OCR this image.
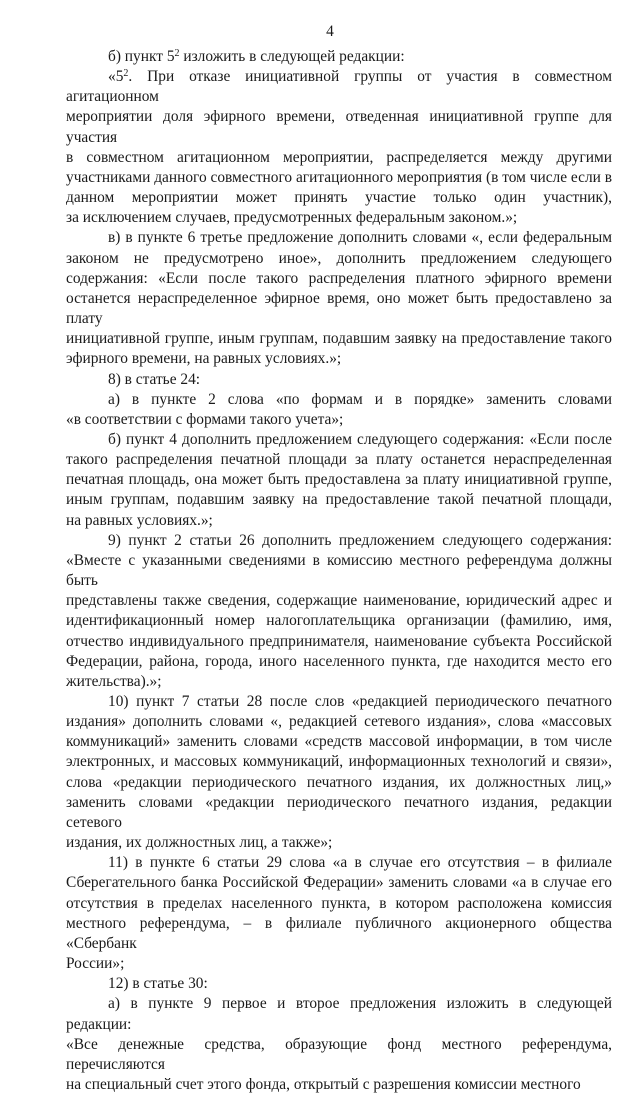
4
б) пункт $5^2$ изложить в следующей редакции:
«$5^2$. При отказе инициативной группы от участия в совместном агитационном
мероприятии доля эфирного времени, отведенная инициативной группе для участия
в совместном агитационном мероприятии, распределяется между другими
участниками данного совместного агитационного мероприятия (в том числе если в
данном мероприятии может принять участие только один участник),
за исключением случаев, предусмотренных федеральным законом.»;
в) в пункте 6 третье предложение дополнить словами «, если федеральным
законом не предусмотрено иное», дополнить предложением следующего
содержания: «Если после такого распределения платного эфирного времени
останется нераспределенное эфирное время, оно может быть предоставлено за плату
инициативной группе, иным группам, подавшим заявку на предоставление такого
эфирного времени, на равных условиях.»;
8) в статье 24:
а) в пункте 2 слова «по формам и в порядке» заменить словами
«в соответствии с формами такого учета»;
б) пункт 4 дополнить предложением следующего содержания: «Если после
такого распределения печатной площади за плату останется нераспределенная
печатная площадь, она может быть предоставлена за плату инициативной группе,
иным группам, подавшим заявку на предоставление такой печатной площади,
на равных условиях.»;
9) пункт 2 статьи 26 дополнить предложением следующего содержания:
«Вместе с указанными сведениями в комиссию местного референдума должны быть
представлены также сведения, содержащие наименование, юридический адрес и
идентификационный номер налогоплательщика организации (фамилию, имя,
отчество индивидуального предпринимателя, наименование субъекта Российской
Федерации, района, города, иного населенного пункта, где находится место его
жительства).»;
10) пункт 7 статьи 28 после слов «редакцией периодического печатного
издания» дополнить словами «, редакцией сетевого издания», слова «массовых
коммуникаций» заменить словами «средств массовой информации, в том числе
электронных, и массовых коммуникаций, информационных технологий и связи»,
слова «редакции периодического печатного издания, их должностных лиц,»
заменить словами «редакции периодического печатного издания, редакции сетевого
издания, их должностных лиц, а также»;
11) в пункте 6 статьи 29 слова «а в случае его отсутствия – в филиале
Сберегательного банка Российской Федерации» заменить словами «а в случае его
отсутствия в пределах населенного пункта, в котором расположена комиссия
местного референдума, – в филиале публичного акционерного общества «Сбербанк
России»;
12) в статье 30:
а) в пункте 9 первое и второе предложения изложить в следующей редакции:
«Все денежные средства, образующие фонд местного референдума, перечисляются
на специальный счет этого фонда, открытый с разрешения комиссии местного
